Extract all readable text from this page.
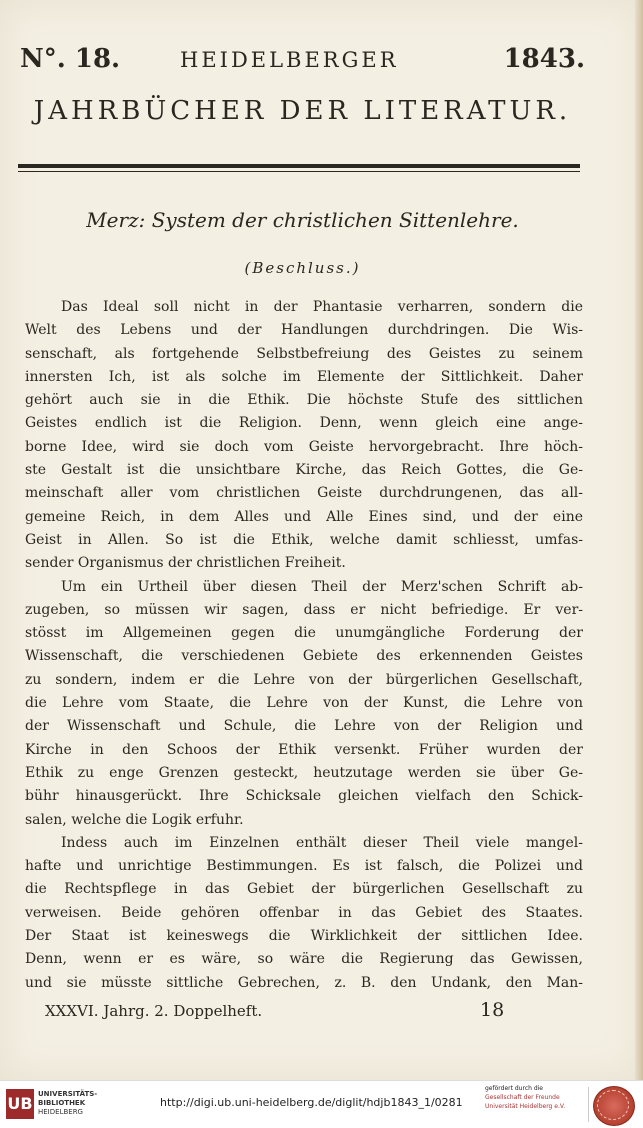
N°. 18.	HEIDELBERGER	1843.
JAHRBÜCHER DER LITERATUR.
Merz: System der christlichen Sittenlehre.
(Beschluss.)
Das Ideal soll nicht in der Phantasie verharren, sondern die
Welt des Lebens und der Handlungen durchdringen. Die Wis-
senschaft, als fortgehende Selbstbefreiung des Geistes zu seinem
innersten Ich, ist als solche im Elemente der Sittlichkeit. Daher
gehört auch sie in die Ethik. Die höchste Stufe des sittlichen
Geistes endlich ist die Religion. Denn, wenn gleich eine ange-
borne Idee, wird sie doch vom Geiste hervorgebracht. Ihre höch-
ste Gestalt ist die unsichtbare Kirche, das Reich Gottes, die Ge-
meinschaft aller vom christlichen Geiste durchdrungenen, das all-
gemeine Reich, in dem Alles und Alle Eines sind, und der eine
Geist in Allen. So ist die Ethik, welche damit schliesst, umfas-
sender Organismus der christlichen Freiheit.
Um ein Urtheil über diesen Theil der Merz'schen Schrift ab-
zugeben, so müssen wir sagen, dass er nicht befriedige. Er ver-
stösst im Allgemeinen gegen die unumgängliche Forderung der
Wissenschaft, die verschiedenen Gebiete des erkennenden Geistes
zu sondern, indem er die Lehre von der bürgerlichen Gesellschaft,
die Lehre vom Staate, die Lehre von der Kunst, die Lehre von
der Wissenschaft und Schule, die Lehre von der Religion und
Kirche in den Schoos der Ethik versenkt. Früher wurden der
Ethik zu enge Grenzen gesteckt, heutzutage werden sie über Ge-
bühr hinausgerückt. Ihre Schicksale gleichen vielfach den Schick-
salen, welche die Logik erfuhr.
Indess auch im Einzelnen enthält dieser Theil viele mangel-
hafte und unrichtige Bestimmungen. Es ist falsch, die Polizei und
die Rechtspflege in das Gebiet der bürgerlichen Gesellschaft zu
verweisen. Beide gehören offenbar in das Gebiet des Staates.
Der Staat ist keineswegs die Wirklichkeit der sittlichen Idee.
Denn, wenn er es wäre, so wäre die Regierung das Gewissen,
und sie müsste sittliche Gebrechen, z. B. den Undank, den Man-
XXXVI. Jahrg. 2. Doppelheft.	18
UB UNIVERSITÄTS-
BIBLIOTHEK
HEIDELBERG
http://digi.ub.uni-heidelberg.de/diglit/hdjb1843_1/0281
gefördert durch die
Gesellschaft der Freunde
Universität Heidelberg e.V.
